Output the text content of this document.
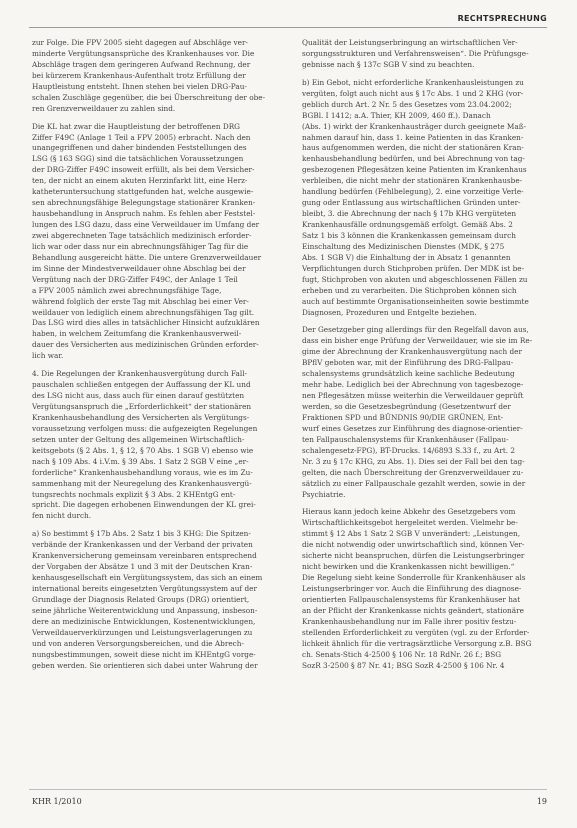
RECHTSPRECHUNG
zur Folge. Die FPV 2005 sieht dagegen auf Abschläge ver-
minderte Vergütungsansprüche des Krankenhauses vor. Die
Abschläge tragen dem geringeren Aufwand Rechnung, der
bei kürzerem Krankenhaus-Aufenthalt trotz Erfüllung der
Hauptleistung entsteht. Ihnen stehen bei vielen DRG-Pau-
schalen Zuschläge gegenüber, die bei Überschreitung der obe-
ren Grenzverweildauer zu zahlen sind.
Die KL hat zwar die Hauptleistung der betroffenen DRG
Ziffer F49C (Anlage 1 Teil a FPV 2005) erbracht. Nach den
unangegriffenen und daher bindenden Feststellungen des
LSG (§ 163 SGG) sind die tatsächlichen Voraussetzungen
der DRG-Ziffer F49C insoweit erfüllt, als bei dem Versicher-
ten, der nicht an einem akuten Herzinfarkt litt, eine Herz-
katheteruntersuchung stattgefunden hat, welche ausgewie-
sen abrechnungsfähige Belegungstage stationärer Kranken-
hausbehandlung in Anspruch nahm. Es fehlen aber Feststel-
lungen des LSG dazu, dass eine Verweildauer im Umfang der
zwei abgerechneten Tage tatsächlich medizinisch erforder-
lich war oder dass nur ein abrechnungsfähiger Tag für die
Behandlung ausgereicht hätte. Die untere Grenzverweildauer
im Sinne der Mindestverweildauer ohne Abschlag bei der
Vergütung nach der DRG-Ziffer F49C, der Anlage 1 Teil
a FPV 2005 nämlich zwei abrechnungsfähige Tage,
während folglich der erste Tag mit Abschlag bei einer Ver-
weildauer von lediglich einem abrechnungsfähigen Tag gilt.
Das LSG wird dies alles in tatsächlicher Hinsicht aufzuklären
haben, in welchem Zeitumfang die Krankenhausverweil-
dauer des Versicherten aus medizinischen Gründen erforder-
lich war.
4. Die Regelungen der Krankenhausvergütung durch Fall-
pauschalen schließen entgegen der Auffassung der KL und
des LSG nicht aus, dass auch für einen darauf gestützten
Vergütungsanspruch die „Erforderlichkeit“ der stationären
Krankenhausbehandlung des Versicherten als Vergütungs-
voraussetzung verfolgen muss: die aufgezeigten Regelungen
setzen unter der Geltung des allgemeinen Wirtschaftlich-
keitsgebots (§ 2 Abs. 1, § 12, § 70 Abs. 1 SGB V) ebenso wie
nach § 109 Abs. 4 i.V.m. § 39 Abs. 1 Satz 2 SGB V eine „er-
forderliche“ Krankenhausbehandlung voraus, wie es im Zu-
sammenhang mit der Neuregelung des Krankenhausvergü-
tungsrechts nochmals explizit § 3 Abs. 2 KHEntgG ent-
spricht. Die dagegen erhobenen Einwendungen der KL grei-
fen nicht durch.
a) So bestimmt § 17b Abs. 2 Satz 1 bis 3 KHG: Die Spitzen-
verbände der Krankenkassen und der Verband der privaten
Krankenversicherung gemeinsam vereinbaren entsprechend
der Vorgaben der Absätze 1 und 3 mit der Deutschen Kran-
kenhausgesellschaft ein Vergütungssystem, das sich an einem
international bereits eingesetzten Vergütungssystem auf der
Grundlage der Diagnosis Related Groups (DRG) orientiert,
seine jährliche Weiterentwicklung und Anpassung, insbeson-
dere an medizinische Entwicklungen, Kostenentwicklungen,
Verweildauerverkürzungen und Leistungsverlagerungen zu
und von anderen Versorgungsbereichen, und die Abrech-
nungsbestimmungen, soweit diese nicht im KHEntgG vorge-
geben werden. Sie orientieren sich dabei unter Wahrung der
Qualität der Leistungserbringung an wirtschaftlichen Ver-
sorgungsstrukturen und Verfahrensweisen“. Die Prüfungsge-
gebnisse nach § 137c SGB V sind zu beachten.
b) Ein Gebot, nicht erforderliche Krankenhausleistungen zu
vergüten, folgt auch nicht aus § 17c Abs. 1 und 2 KHG (vor-
geblich durch Art. 2 Nr. 5 des Gesetzes vom 23.04.2002;
BGBl. I 1412; a.A. Thier, KH 2009, 460 ff.). Danach
(Abs. 1) wirkt der Krankenhausträger durch geeignete Maß-
nahmen darauf hin, dass 1. keine Patienten in das Kranken-
haus aufgenommen werden, die nicht der stationären Kran-
kenhausbehandlung bedürfen, und bei Abrechnung von tag-
gesbezogenen Pflegesätzen keine Patienten im Krankenhaus
verbleiben, die nicht mehr der stationären Krankenhausbe-
handlung bedürfen (Fehlbelegung), 2. eine vorzeitige Verle-
gung oder Entlassung aus wirtschaftlichen Gründen unter-
bleibt, 3. die Abrechnung der nach § 17b KHG vergüteten
Krankenhausfälle ordnungsgemäß erfolgt. Gemäß Abs. 2
Satz 1 bis 3 können die Krankenkassen gemeinsam durch
Einschaltung des Medizinischen Dienstes (MDK, § 275
Abs. 1 SGB V) die Einhaltung der in Absatz 1 genannten
Verpflichtungen durch Stichproben prüfen. Der MDK ist be-
fugt, Stichproben von akuten und abgeschlossenen Fällen zu
erheben und zu verarbeiten. Die Stichproben können sich
auch auf bestimmte Organisationseinheiten sowie bestimmte
Diagnosen, Prozeduren und Entgelte beziehen.
Der Gesetzgeber ging allerdings für den Regelfall davon aus,
dass ein bisher enge Prüfung der Verweildauer, wie sie im Re-
gime der Abrechnung der Krankenhausvergütung nach der
BPflV geboten war, mit der Einführung des DRG-Fallpau-
schalensystems grundsätzlich keine sachliche Bedeutung
mehr habe. Lediglich bei der Abrechnung von tagesbezoge-
nen Pflegesätzen müsse weiterhin die Verweildauer geprüft
werden, so die Gesetzesbegründung (Gesetzentwurf der
Fraktionen SPD und BÜNDNIS 90/DIE GRÜNEN, Ent-
wurf eines Gesetzes zur Einführung des diagnose-orientier-
ten Fallpauschalensystems für Krankenhäuser (Fallpau-
schalengesetz-FPG), BT-Drucks. 14/6893 S.33 f., zu Art. 2
Nr. 3 zu § 17c KHG, zu Abs. 1). Dies sei der Fall bei den tag-
gelten, die nach Überschreitung der Grenzverweildauer zu-
sätzlich zu einer Fallpauschale gezahlt werden, sowie in der
Psychiatrie.
Hieraus kann jedoch keine Abkehr des Gesetzgebers vom
Wirtschaftlichkeitsgebot hergeleitet werden. Vielmehr be-
stimmt § 12 Abs 1 Satz 2 SGB V unverändert: „Leistungen,
die nicht notwendig oder unwirtschaftlich sind, können Ver-
sicherte nicht beanspruchen, dürfen die Leistungserbringer
nicht bewirken und die Krankenkassen nicht bewilligen.“
Die Regelung sieht keine Sonderrolle für Krankenhäuser als
Leistungserbringer vor. Auch die Einführung des diagnose-
orientierten Fallpauschalensystems für Krankenhäuser hat
an der Pflicht der Krankenkasse nichts geändert, stationäre
Krankenhausbehandlung nur im Falle ihrer positiv festzu-
stellenden Erforderlichkeit zu vergüten (vgl. zu der Erforder-
lichkeit ähnlich für die vertragsärztliche Versorgung z.B. BSG
ch. Senats-Stich 4-2500 § 106 Nr. 18 RdNr. 26 f.; BSG
SozR 3-2500 § 87 Nr. 41; BSG SozR 4-2500 § 106 Nr. 4
KHR 1/2010	19
